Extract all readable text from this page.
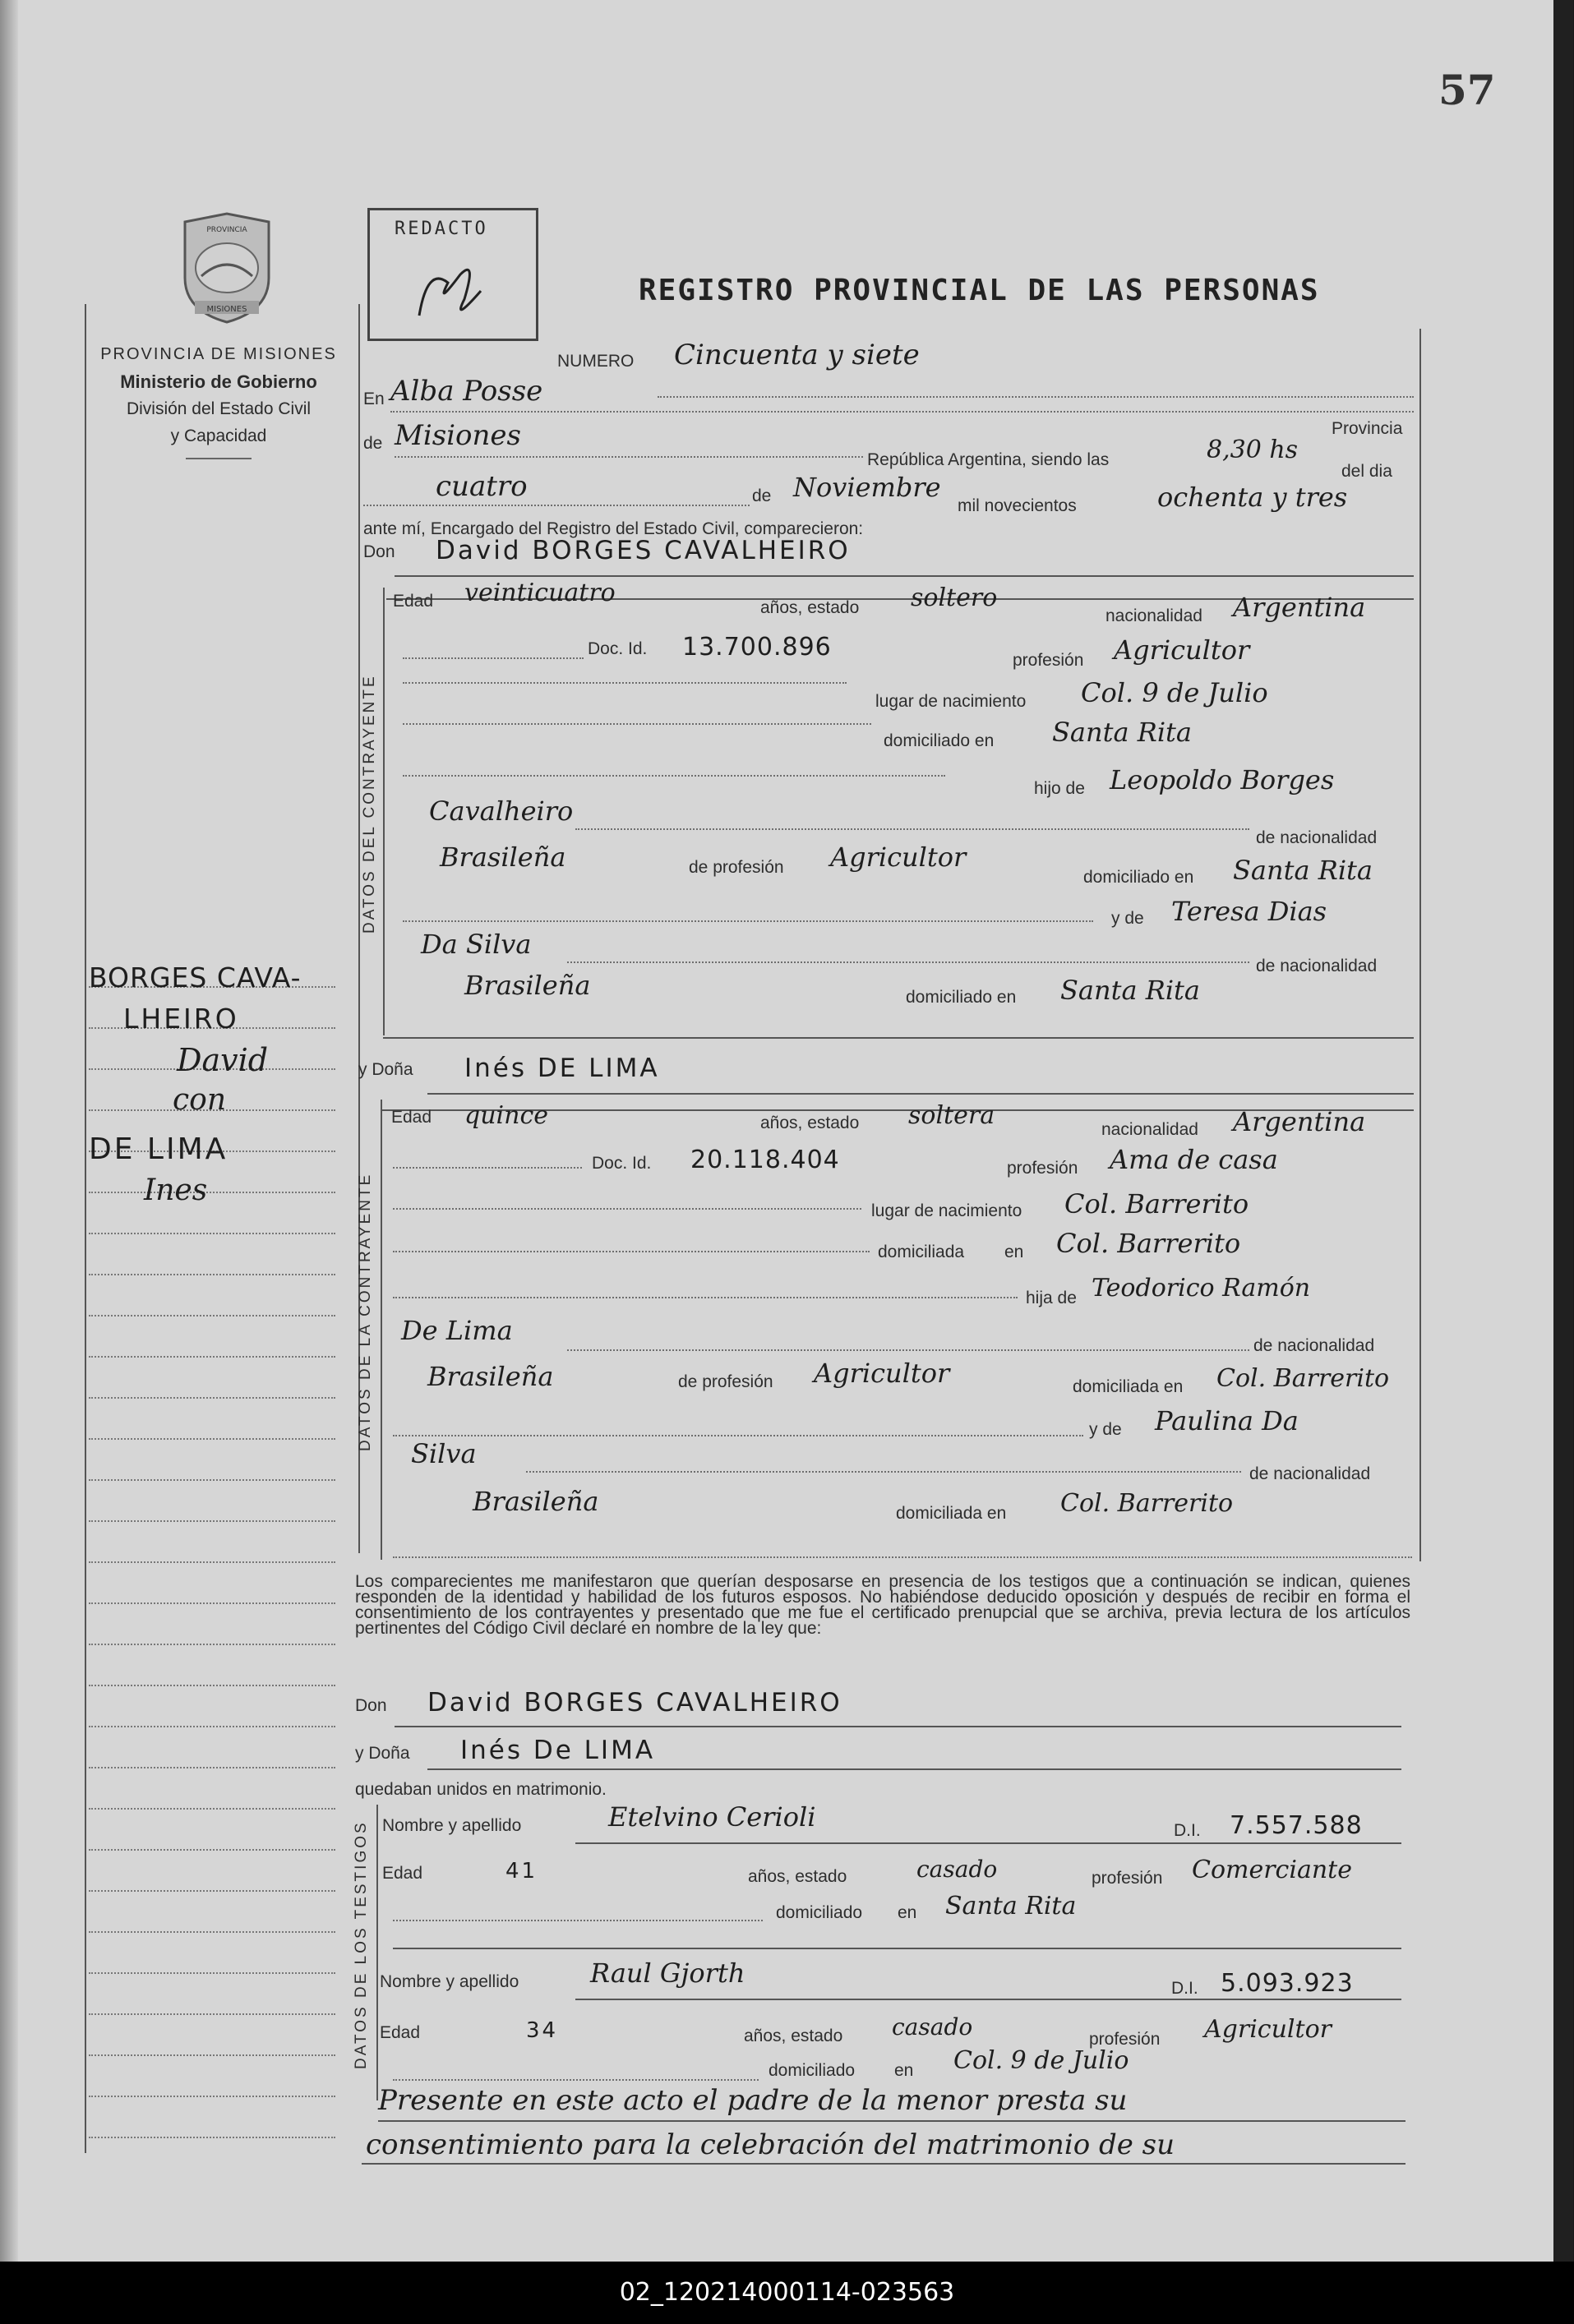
57
MISIONES
PROVINCIA
PROVINCIA DE MISIONES
Ministerio de Gobierno
División del Estado Civil
y Capacidad
REDACTO
REGISTRO PROVINCIAL DE LAS PERSONAS
BORGES CAVA-
LHEIRO
David
con
DE LIMA
Ines
NUMERO Cincuenta y siete
En Alba Posse
Provincia
de Misiones
República Argentina, siendo las	8,30 hs
del dia
cuatro	de Noviembre
mil novecientos	ochenta y tres
ante mí, Encargado del Registro del Estado Civil, comparecieron:
Don David BORGES CAVALHEIRO
DATOS DEL CONTRAYENTE
Edad veinticuatro
años, estado soltero
nacionalidad Argentina
Doc. Id. 13.700.896	profesión Agricultor
lugar de nacimiento Col. 9 de Julio
domiciliado en Santa Rita
hijo de Leopoldo Borges
Cavalheiro
de nacionalidad
Brasileña	de profesión Agricultor
domiciliado en Santa Rita
y de Teresa Dias
Da Silva
de nacionalidad
Brasileña	domiciliado en Santa Rita
y Doña Inés DE LIMA
DATOS DE LA CONTRAYENTE
Edad quince	años, estado soltera	nacionalidad Argentina
Doc. Id. 20.118.404	profesión Ama de casa
lugar de nacimiento Col. Barrerito
domiciliada en Col. Barrerito
hija de Teodorico Ramón
De Lima	de nacionalidad
Brasileña	de profesión Agricultor	domiciliada en Col. Barrerito
y de Paulina Da
Silva
de nacionalidad
Brasileña	domiciliada en Col. Barrerito
Los comparecientes me manifestaron que querían desposarse en presencia de los testigos que a continuación se indican, quienes responden de la identidad y habilidad de los futuros esposos. No habiéndose deducido oposición y después de recibir en forma el consentimiento de los contrayentes y presentado que me fue el certificado prenupcial que se archiva, previa lectura de los artículos pertinentes del Código Civil declaré en nombre de la ley que:
Don David BORGES CAVALHEIRO
y Doña Inés De LIMA
quedaban unidos en matrimonio.
DATOS DE LOS TESTIGOS Nombre y apellido	Etelvino Cerioli	D.I. 7.557.588
Edad	41	años, estado	casado	profesión Comerciante
domiciliado en Santa Rita
Nombre y apellido	Raul Gjorth	D.I. 5.093.923
Edad	34	años, estado casado	profesión Agricultor
domiciliado en Col. 9 de Julio
Presente en este acto el padre de la menor presta su
consentimiento para la celebración del matrimonio de su
02_120214000114-023563
